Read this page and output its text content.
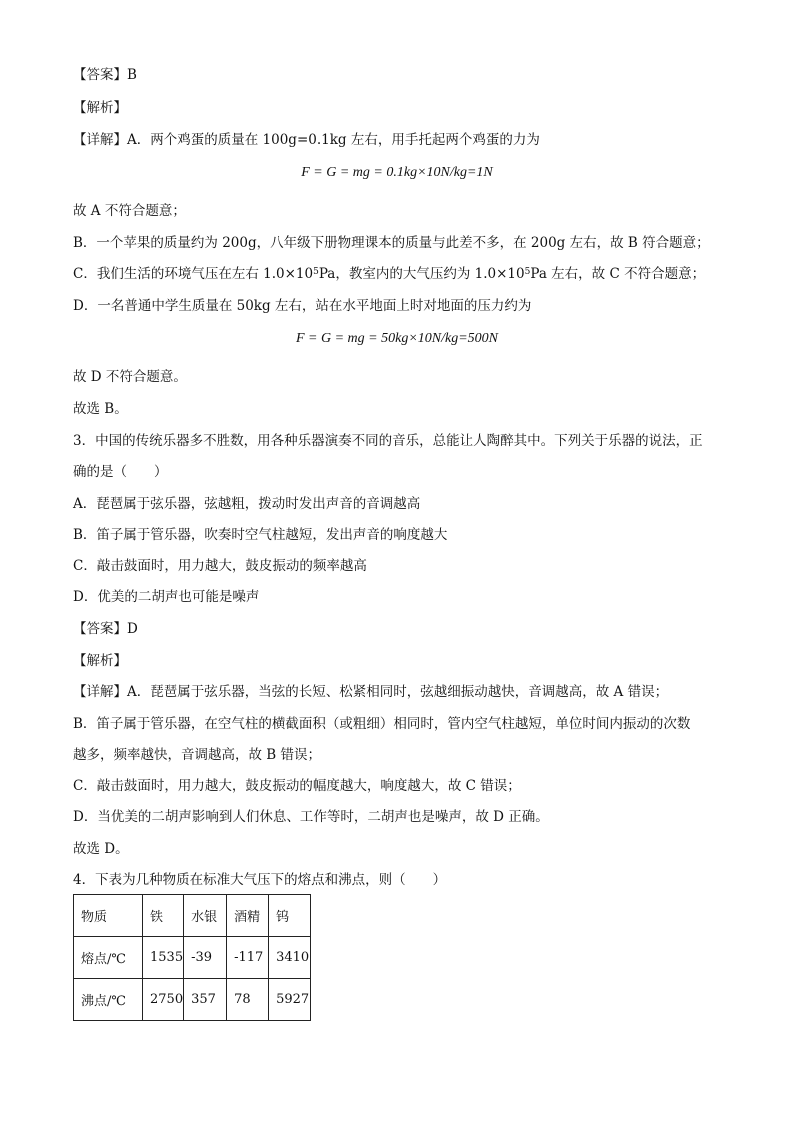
【答案】B
【解析】
【详解】A．两个鸡蛋的质量在 100g=0.1kg 左右，用手托起两个鸡蛋的力为
F = G = mg = 0.1kg×10N/kg=1N
故 A 不符合题意；
B．一个苹果的质量约为 200g，八年级下册物理课本的质量与此差不多，在 200g 左右，故 B 符合题意；
C．我们生活的环境气压在左右 $1.0\times 10^5Pa$，教室内的大气压约为 $1.0\times 10^5Pa$ 左右，故 C 不符合题意；
D．一名普通中学生质量在 50kg 左右，站在水平地面上时对地面的压力约为
F = G = mg = 50kg×10N/kg=500N
故 D 不符合题意。
故选 B。
3．中国的传统乐器多不胜数，用各种乐器演奏不同的音乐，总能让人陶醉其中。下列关于乐器的说法，正
确的是（　　）
A．琵琶属于弦乐器，弦越粗，拨动时发出声音的音调越高
B．笛子属于管乐器，吹奏时空气柱越短，发出声音的响度越大
C．敲击鼓面时，用力越大，鼓皮振动的频率越高
D．优美的二胡声也可能是噪声
【答案】D
【解析】
【详解】A．琵琶属于弦乐器，当弦的长短、松紧相同时，弦越细振动越快，音调越高，故 A 错误；
B．笛子属于管乐器，在空气柱的横截面积（或粗细）相同时，管内空气柱越短，单位时间内振动的次数
越多，频率越快，音调越高，故 B 错误；
C．敲击鼓面时，用力越大，鼓皮振动的幅度越大，响度越大，故 C 错误；
D．当优美的二胡声影响到人们休息、工作等时，二胡声也是噪声，故 D 正确。
故选 D。
4．下表为几种物质在标准大气压下的熔点和沸点，则（　　）
物质	铁	水银	酒精	钨
熔点/℃	1535	-39	-117	3410
沸点/℃	2750	357	78	5927
